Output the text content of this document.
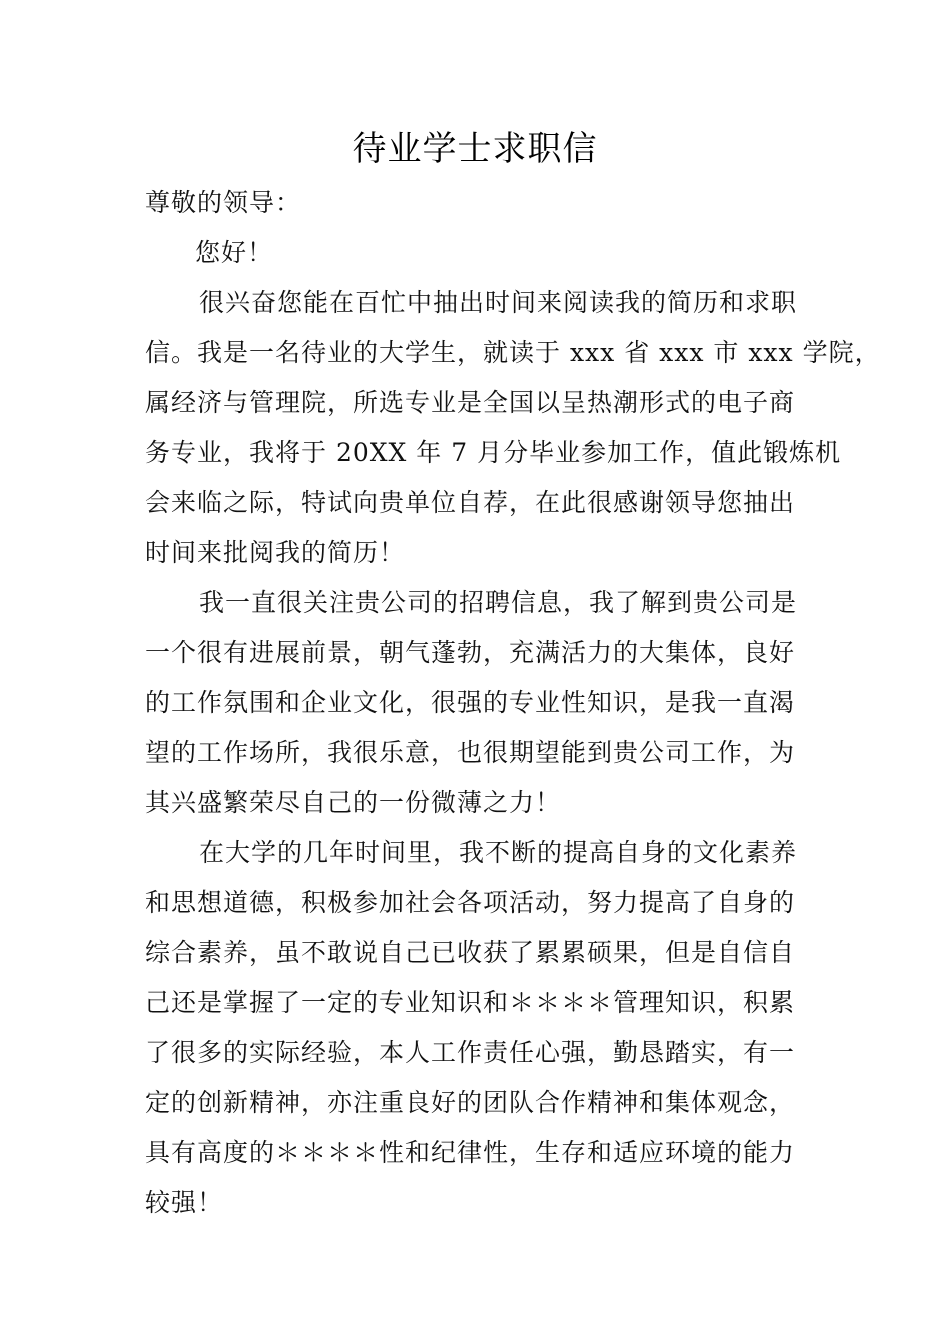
待业学士求职信

尊敬的领导：

您好！

很兴奋您能在百忙中抽出时间来阅读我的简历和求职
信。我是一名待业的大学生，就读于 xxx 省 xxx 市 xxx 学院，
属经济与管理院，所选专业是全国以呈热潮形式的电子商
务专业，我将于 20XX 年 7 月分毕业参加工作，值此锻炼机
会来临之际，特试向贵单位自荐，在此很感谢领导您抽出
时间来批阅我的简历！

我一直很关注贵公司的招聘信息，我了解到贵公司是
一个很有进展前景，朝气蓬勃，充满活力的大集体，良好
的工作氛围和企业文化，很强的专业性知识，是我一直渴
望的工作场所，我很乐意，也很期望能到贵公司工作，为
其兴盛繁荣尽自己的一份微薄之力！

在大学的几年时间里，我不断的提高自身的文化素养
和思想道德，积极参加社会各项活动，努力提高了自身的
综合素养，虽不敢说自己已收获了累累硕果，但是自信自
己还是掌握了一定的专业知识和＊＊＊＊管理知识，积累
了很多的实际经验，本人工作责任心强，勤恳踏实，有一
定的创新精神，亦注重良好的团队合作精神和集体观念，
具有高度的＊＊＊＊性和纪律性，生存和适应环境的能力
较强！
